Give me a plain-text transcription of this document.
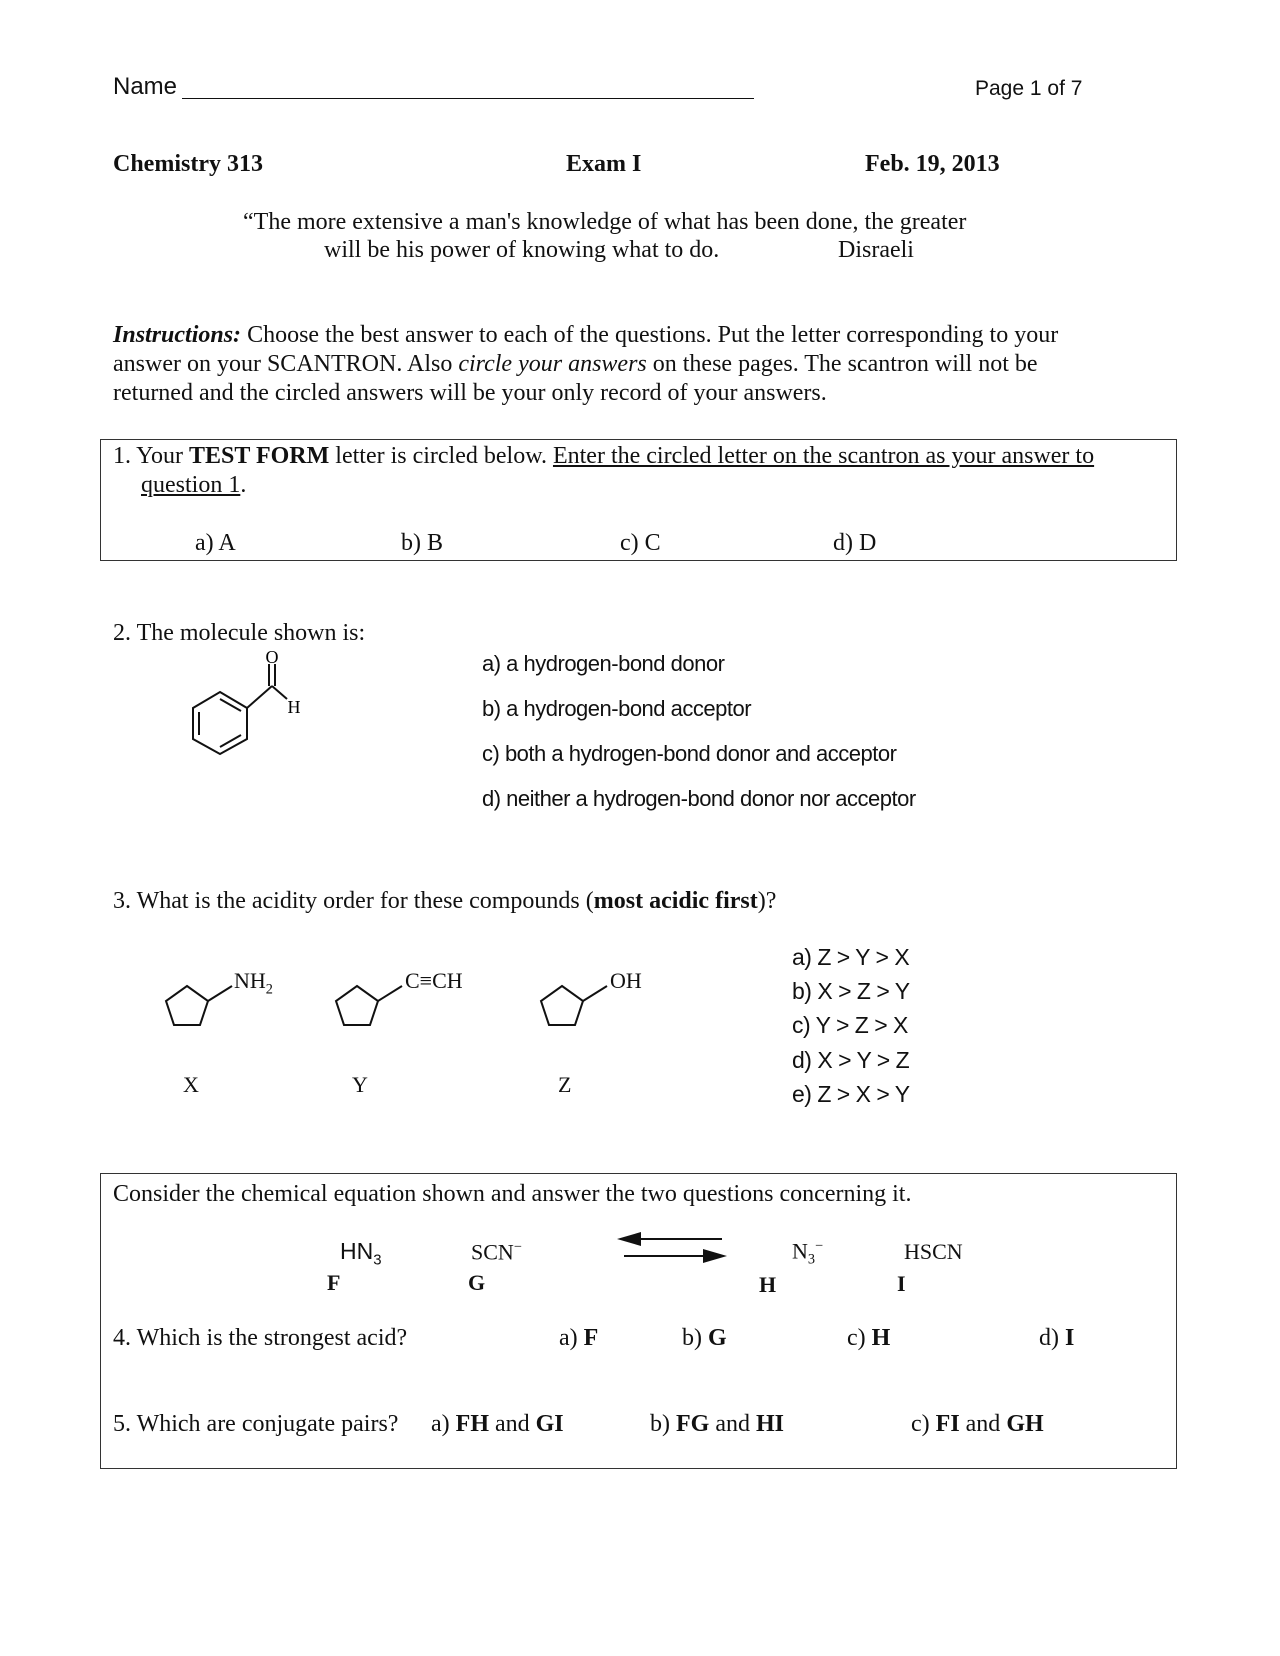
Name	Page 1 of 7
Chemistry 313	Exam I	Feb. 19, 2013
“The more extensive a man's knowledge of what has been done, the greater
will be his power of knowing what to do.	Disraeli
Instructions: Choose the best answer to each of the questions. Put the letter corresponding to your
answer on your SCANTRON. Also circle your answers on these pages. The scantron will not be
returned and the circled answers will be your only record of your answers.
1. Your TEST FORM letter is circled below. Enter the circled letter on the scantron as your answer to
question 1.
a) A	b) B	c) C	d) D
2. The molecule shown is:
O
H
a) a hydrogen-bond donor
b) a hydrogen-bond acceptor
c) both a hydrogen-bond donor and acceptor
d) neither a hydrogen-bond donor nor acceptor
3. What is the acidity order for these compounds (most acidic first)?
$NH_2$
X
C≡CH
Y
OH
Z
a) Z > Y > X
b) X > Z > Y
c) Y > Z > X
d) X > Y > Z
e) Z > X > Y
Consider the chemical equation shown and answer the two questions concerning it.
$HN_3$
F
SCN−
G
$N_3^-$
H
HSCN
I
4. Which is the strongest acid?	a) F	b) G	c) H	d) I
5. Which are conjugate pairs? a) FH and GI	b) FG and HI	c) FI and GH
